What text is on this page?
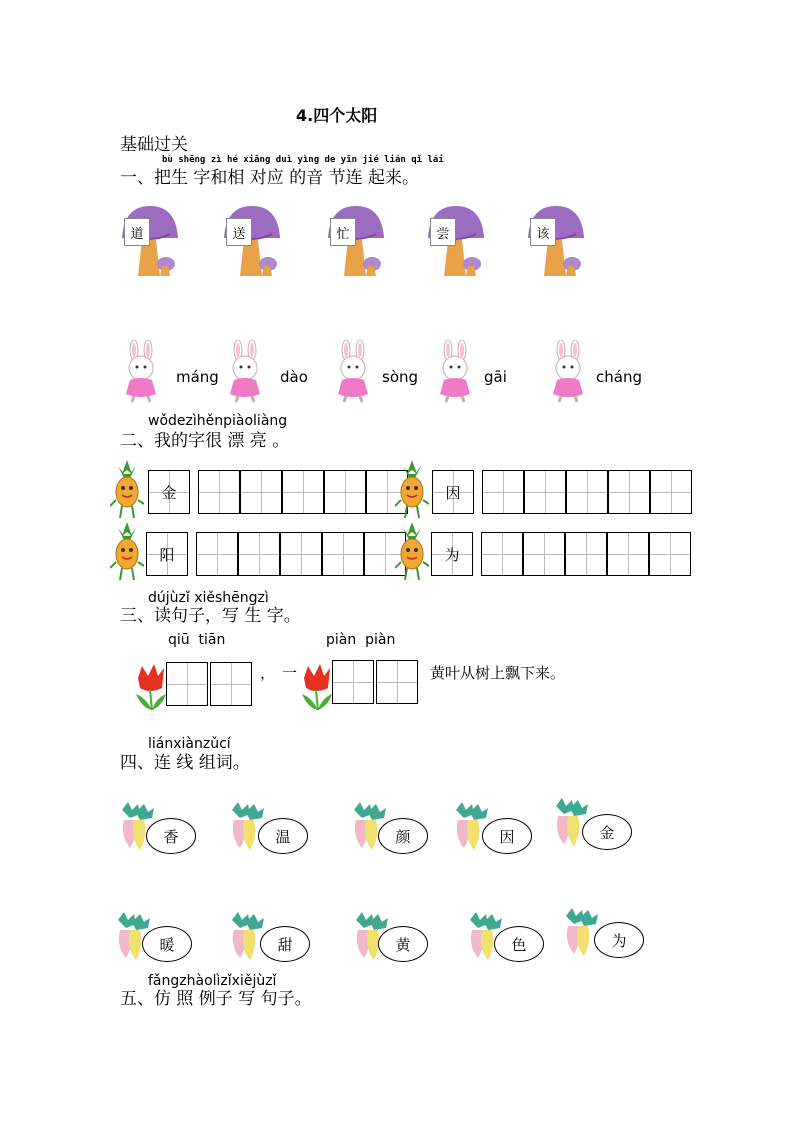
4.四个太阳
基础过关
bù shēng zì hé xiāng duì yìng de yīn jié lián qǐ lái
一、把生 字和相 对应 的音 节连 起来。
道	送	忙	尝	该
máng	dào	sòng	gāi	cháng
wǒdezìhěnpiàoliàng
二、我的字很 漂 亮 。
金	因
阳	为
dújùzǐ xiěshēngzì
三、读句子，写 生 字。
qiū  tiān	piàn  piàn
， 一	黄叶从树上飘下来。
liánxiànzǔcí
四、连 线 组词。
香	温	颜	因	金
暖	甜	黄	色	为
fǎngzhàolìzǐxiějùzǐ
五、仿 照 例子 写 句子。
